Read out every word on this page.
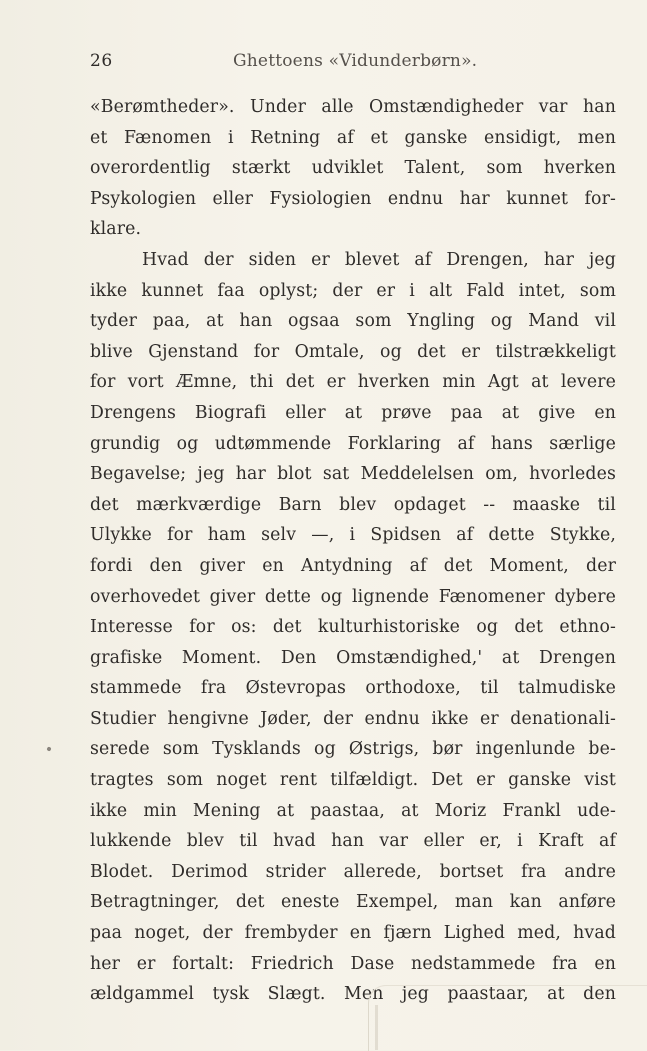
26	Ghettoens «Vidunderbørn».
«Berømtheder». Under alle Omstændigheder var han
et Fænomen i Retning af et ganske ensidigt, men
overordentlig stærkt udviklet Talent, som hverken
Psykologien eller Fysiologien endnu har kunnet for-
klare.
Hvad der siden er blevet af Drengen, har jeg
ikke kunnet faa oplyst; der er i alt Fald intet, som
tyder paa, at han ogsaa som Yngling og Mand vil
blive Gjenstand for Omtale, og det er tilstrækkeligt
for vort Æmne, thi det er hverken min Agt at levere
Drengens Biografi eller at prøve paa at give en
grundig og udtømmende Forklaring af hans særlige
Begavelse; jeg har blot sat Meddelelsen om, hvorledes
det mærkværdige Barn blev opdaget -- maaske til
Ulykke for ham selv —, i Spidsen af dette Stykke,
fordi den giver en Antydning af det Moment, der
overhovedet giver dette og lignende Fænomener dybere
Interesse for os: det kulturhistoriske og det ethno-
grafiske Moment. Den Omstændighed,' at Drengen
stammede fra Østevropas orthodoxe, til talmudiske
Studier hengivne Jøder, der endnu ikke er denationali-
serede som Tysklands og Østrigs, bør ingenlunde be-
tragtes som noget rent tilfældigt. Det er ganske vist
ikke min Mening at paastaa, at Moriz Frankl ude-
lukkende blev til hvad han var eller er, i Kraft af
Blodet. Derimod strider allerede, bortset fra andre
Betragtninger, det eneste Exempel, man kan anføre
paa noget, der frembyder en fjærn Lighed med, hvad
her er fortalt: Friedrich Dase nedstammede fra en
ældgammel tysk Slægt. Men jeg paastaar, at den
